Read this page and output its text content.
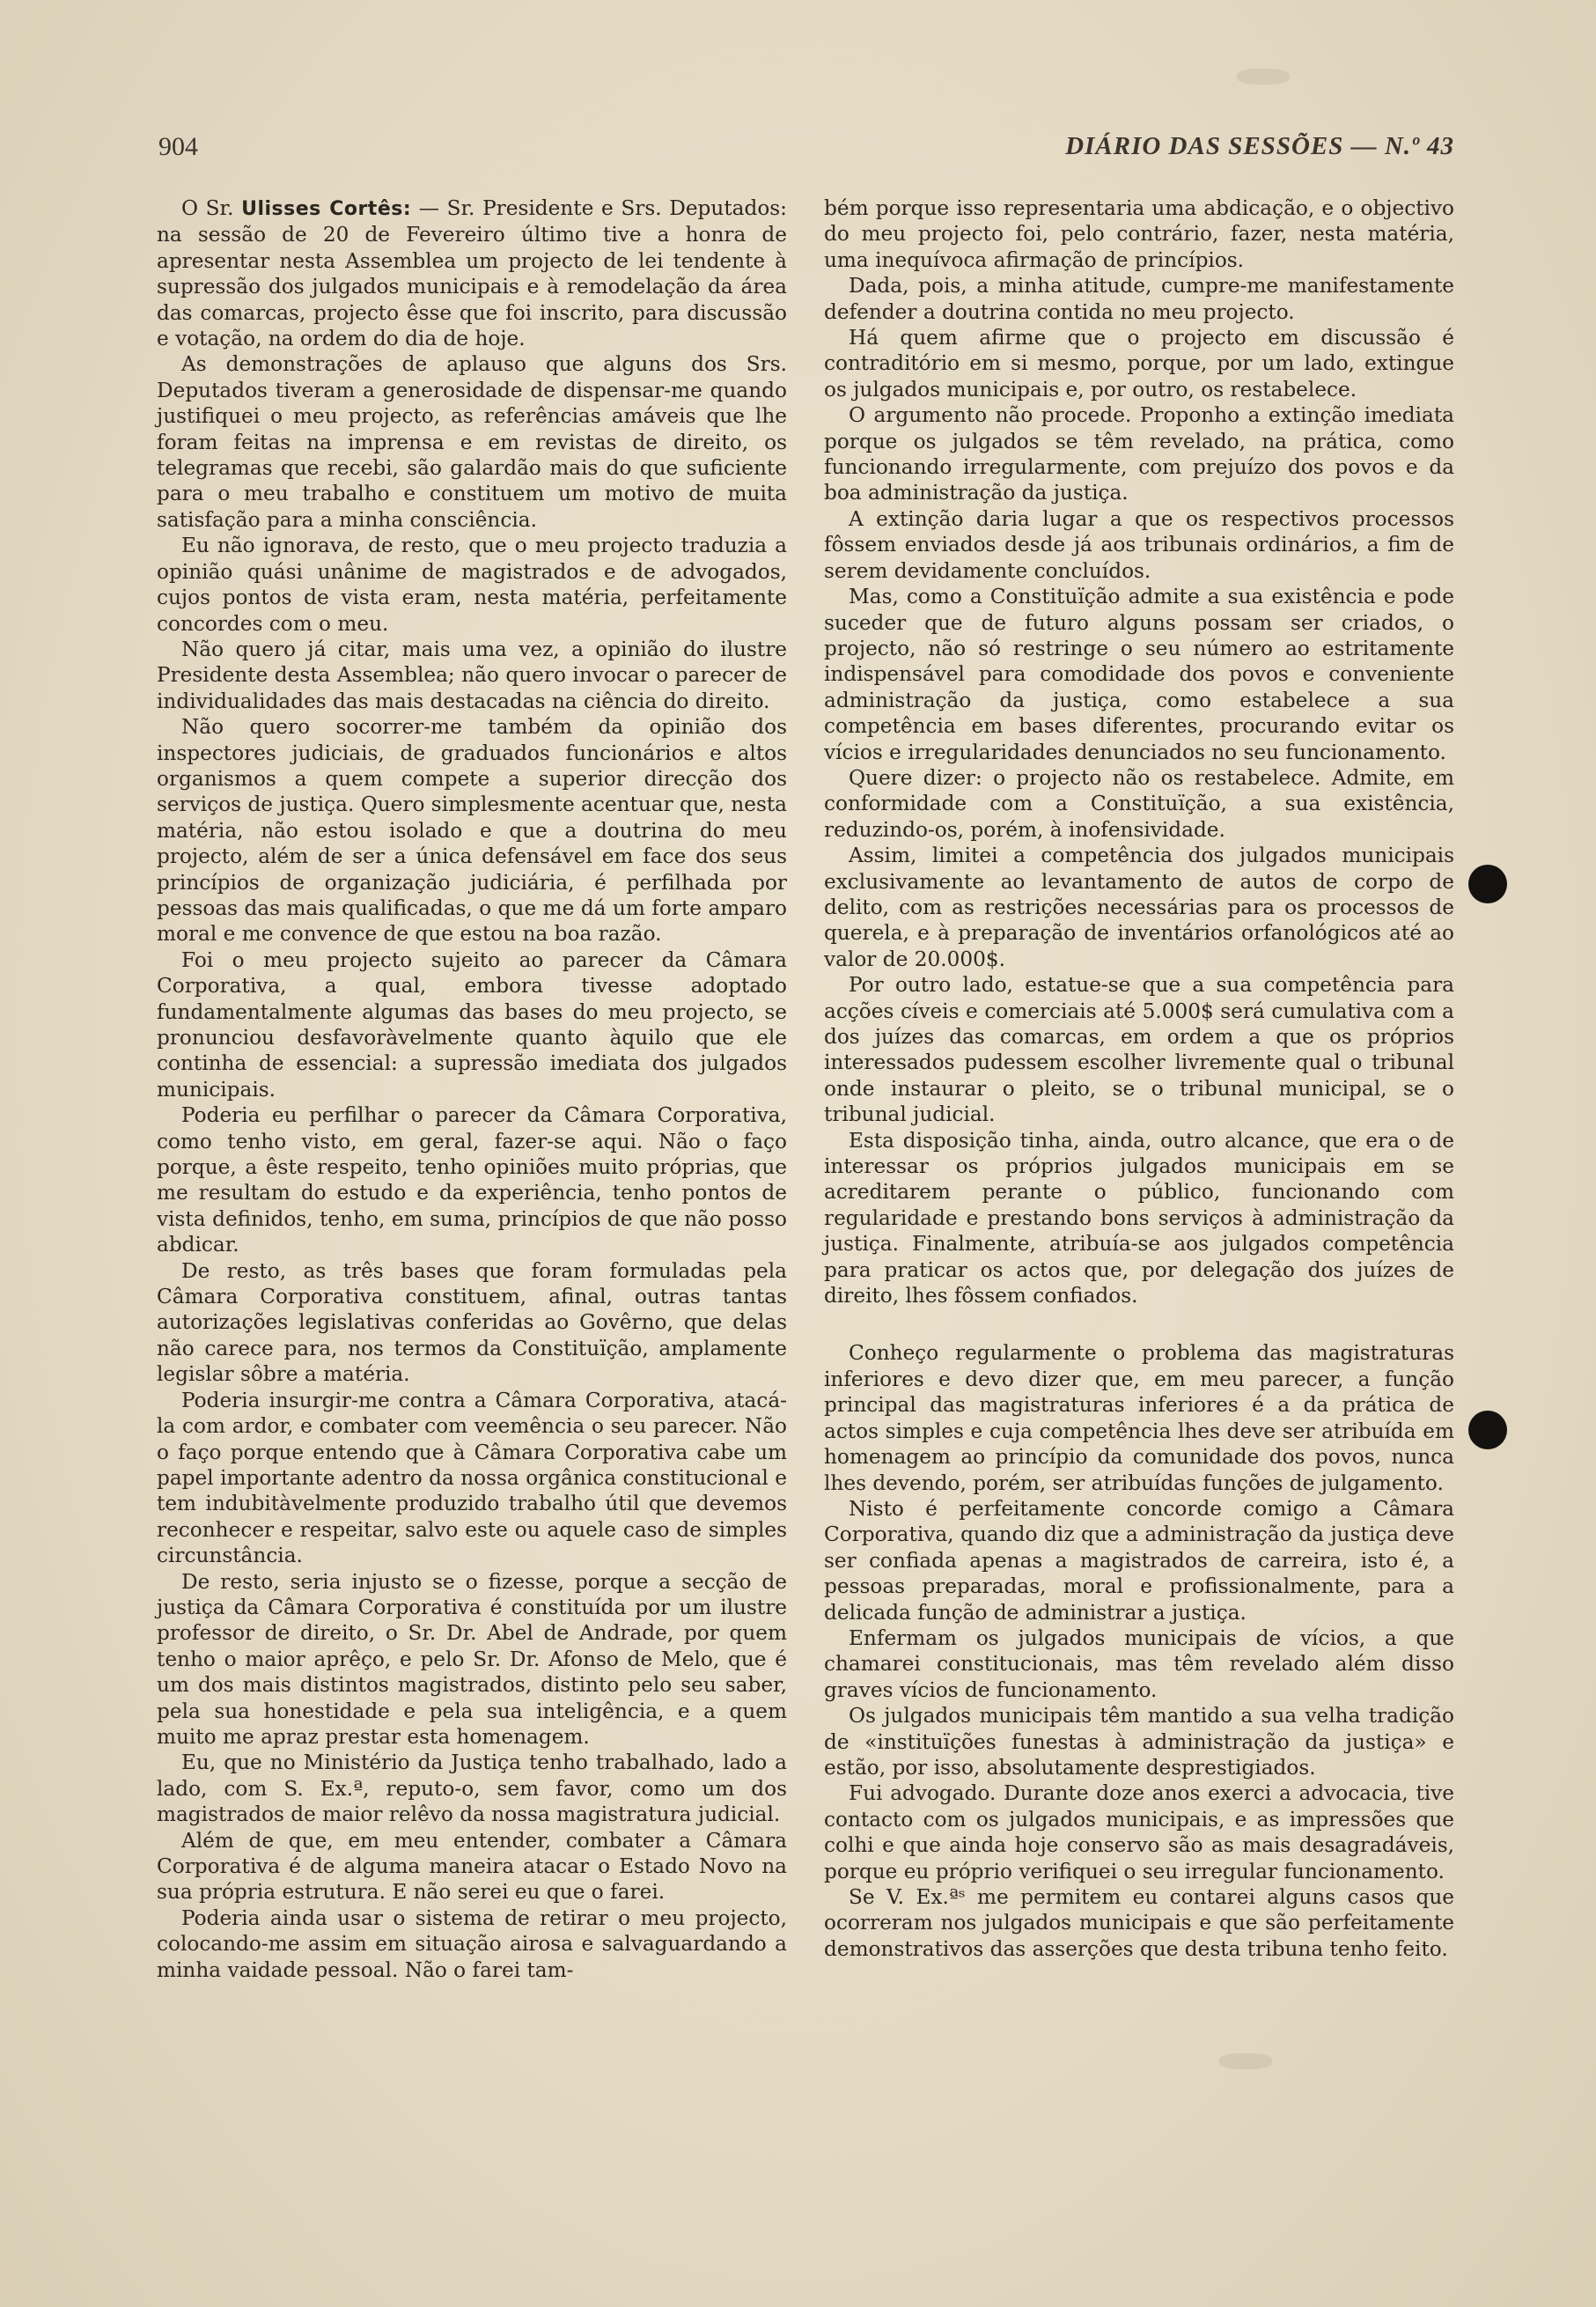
904	DIÁRIO DAS SESSÕES — N.º 43

O Sr. Ulisses Cortês: — Sr. Presidente e Srs. Deputados: na sessão de 20 de Fevereiro último tive a honra de apresentar nesta Assemblea um projecto de lei tendente à supressão dos julgados municipais e à remodelação da área das comarcas, projecto êsse que foi inscrito, para discussão e votação, na ordem do dia de hoje.

As demonstrações de aplauso que alguns dos Srs. Deputados tiveram a generosidade de dispensar-me quando justifiquei o meu projecto, as referências amáveis que lhe foram feitas na imprensa e em revistas de direito, os telegramas que recebi, são galardão mais do que suficiente para o meu trabalho e constituem um motivo de muita satisfação para a minha consciência.

Eu não ignorava, de resto, que o meu projecto traduzia a opinião quási unânime de magistrados e de advogados, cujos pontos de vista eram, nesta matéria, perfeitamente concordes com o meu.

Não quero já citar, mais uma vez, a opinião do ilustre Presidente desta Assemblea; não quero invocar o parecer de individualidades das mais destacadas na ciência do direito.

Não quero socorrer-me também da opinião dos inspectores judiciais, de graduados funcionários e altos organismos a quem compete a superior direcção dos serviços de justiça. Quero simplesmente acentuar que, nesta matéria, não estou isolado e que a doutrina do meu projecto, além de ser a única defensável em face dos seus princípios de organização judiciária, é perfilhada por pessoas das mais qualificadas, o que me dá um forte amparo moral e me convence de que estou na boa razão.

Foi o meu projecto sujeito ao parecer da Câmara Corporativa, a qual, embora tivesse adoptado fundamentalmente algumas das bases do meu projecto, se pronunciou desfavoràvelmente quanto àquilo que ele continha de essencial: a supressão imediata dos julgados municipais.

Poderia eu perfilhar o parecer da Câmara Corporativa, como tenho visto, em geral, fazer-se aqui. Não o faço porque, a êste respeito, tenho opiniões muito próprias, que me resultam do estudo e da experiência, tenho pontos de vista definidos, tenho, em suma, princípios de que não posso abdicar.

De resto, as três bases que foram formuladas pela Câmara Corporativa constituem, afinal, outras tantas autorizações legislativas conferidas ao Govêrno, que delas não carece para, nos termos da Constituïção, amplamente legislar sôbre a matéria.

Poderia insurgir-me contra a Câmara Corporativa, atacá-la com ardor, e combater com veemência o seu parecer. Não o faço porque entendo que à Câmara Corporativa cabe um papel importante adentro da nossa orgânica constitucional e tem indubitàvelmente produzido trabalho útil que devemos reconhecer e respeitar, salvo este ou aquele caso de simples circunstância.

De resto, seria injusto se o fizesse, porque a secção de justiça da Câmara Corporativa é constituída por um ilustre professor de direito, o Sr. Dr. Abel de Andrade, por quem tenho o maior aprêço, e pelo Sr. Dr. Afonso de Melo, que é um dos mais distintos magistrados, distinto pelo seu saber, pela sua honestidade e pela sua inteligência, e a quem muito me apraz prestar esta homenagem.

Eu, que no Ministério da Justiça tenho trabalhado, lado a lado, com S. Ex.ª, reputo-o, sem favor, como um dos magistrados de maior relêvo da nossa magistratura judicial.

Além de que, em meu entender, combater a Câmara Corporativa é de alguma maneira atacar o Estado Novo na sua própria estrutura. E não serei eu que o farei.

Poderia ainda usar o sistema de retirar o meu projecto, colocando-me assim em situação airosa e salvaguardando a minha vaidade pessoal. Não o farei tam-

bém porque isso representaria uma abdicação, e o objectivo do meu projecto foi, pelo contrário, fazer, nesta matéria, uma inequívoca afirmação de princípios.

Dada, pois, a minha atitude, cumpre-me manifestamente defender a doutrina contida no meu projecto.

Há quem afirme que o projecto em discussão é contraditório em si mesmo, porque, por um lado, extingue os julgados municipais e, por outro, os restabelece.

O argumento não procede. Proponho a extinção imediata porque os julgados se têm revelado, na prática, como funcionando irregularmente, com prejuízo dos povos e da boa administração da justiça.

A extinção daria lugar a que os respectivos processos fôssem enviados desde já aos tribunais ordinários, a fim de serem devidamente concluídos.

Mas, como a Constituïção admite a sua existência e pode suceder que de futuro alguns possam ser criados, o projecto, não só restringe o seu número ao estritamente indispensável para comodidade dos povos e conveniente administração da justiça, como estabelece a sua competência em bases diferentes, procurando evitar os vícios e irregularidades denunciados no seu funcionamento.

Quere dizer: o projecto não os restabelece. Admite, em conformidade com a Constituïção, a sua existência, reduzindo-os, porém, à inofensividade.

Assim, limitei a competência dos julgados municipais exclusivamente ao levantamento de autos de corpo de delito, com as restrições necessárias para os processos de querela, e à preparação de inventários orfanológicos até ao valor de 20.000$.

Por outro lado, estatue-se que a sua competência para acções cíveis e comerciais até 5.000$ será cumulativa com a dos juízes das comarcas, em ordem a que os próprios interessados pudessem escolher livremente qual o tribunal onde instaurar o pleito, se o tribunal municipal, se o tribunal judicial.

Esta disposição tinha, ainda, outro alcance, que era o de interessar os próprios julgados municipais em se acreditarem perante o público, funcionando com regularidade e prestando bons serviços à administração da justiça. Finalmente, atribuía-se aos julgados competência para praticar os actos que, por delegação dos juízes de direito, lhes fôssem confiados.

Conheço regularmente o problema das magistraturas inferiores e devo dizer que, em meu parecer, a função principal das magistraturas inferiores é a da prática de actos simples e cuja competência lhes deve ser atribuída em homenagem ao princípio da comunidade dos povos, nunca lhes devendo, porém, ser atribuídas funções de julgamento.

Nisto é perfeitamente concorde comigo a Câmara Corporativa, quando diz que a administração da justiça deve ser confiada apenas a magistrados de carreira, isto é, a pessoas preparadas, moral e profissionalmente, para a delicada função de administrar a justiça.

Enfermam os julgados municipais de vícios, a que chamarei constitucionais, mas têm revelado além disso graves vícios de funcionamento.

Os julgados municipais têm mantido a sua velha tradição de «instituïções funestas à administração da justiça» e estão, por isso, absolutamente desprestigiados.

Fui advogado. Durante doze anos exerci a advocacia, tive contacto com os julgados municipais, e as impressões que colhi e que ainda hoje conservo são as mais desagradáveis, porque eu próprio verifiquei o seu irregular funcionamento.

Se V. Ex.ªˢ me permitem eu contarei alguns casos que ocorreram nos julgados municipais e que são perfeitamente demonstrativos das asserções que desta tribuna tenho feito.
